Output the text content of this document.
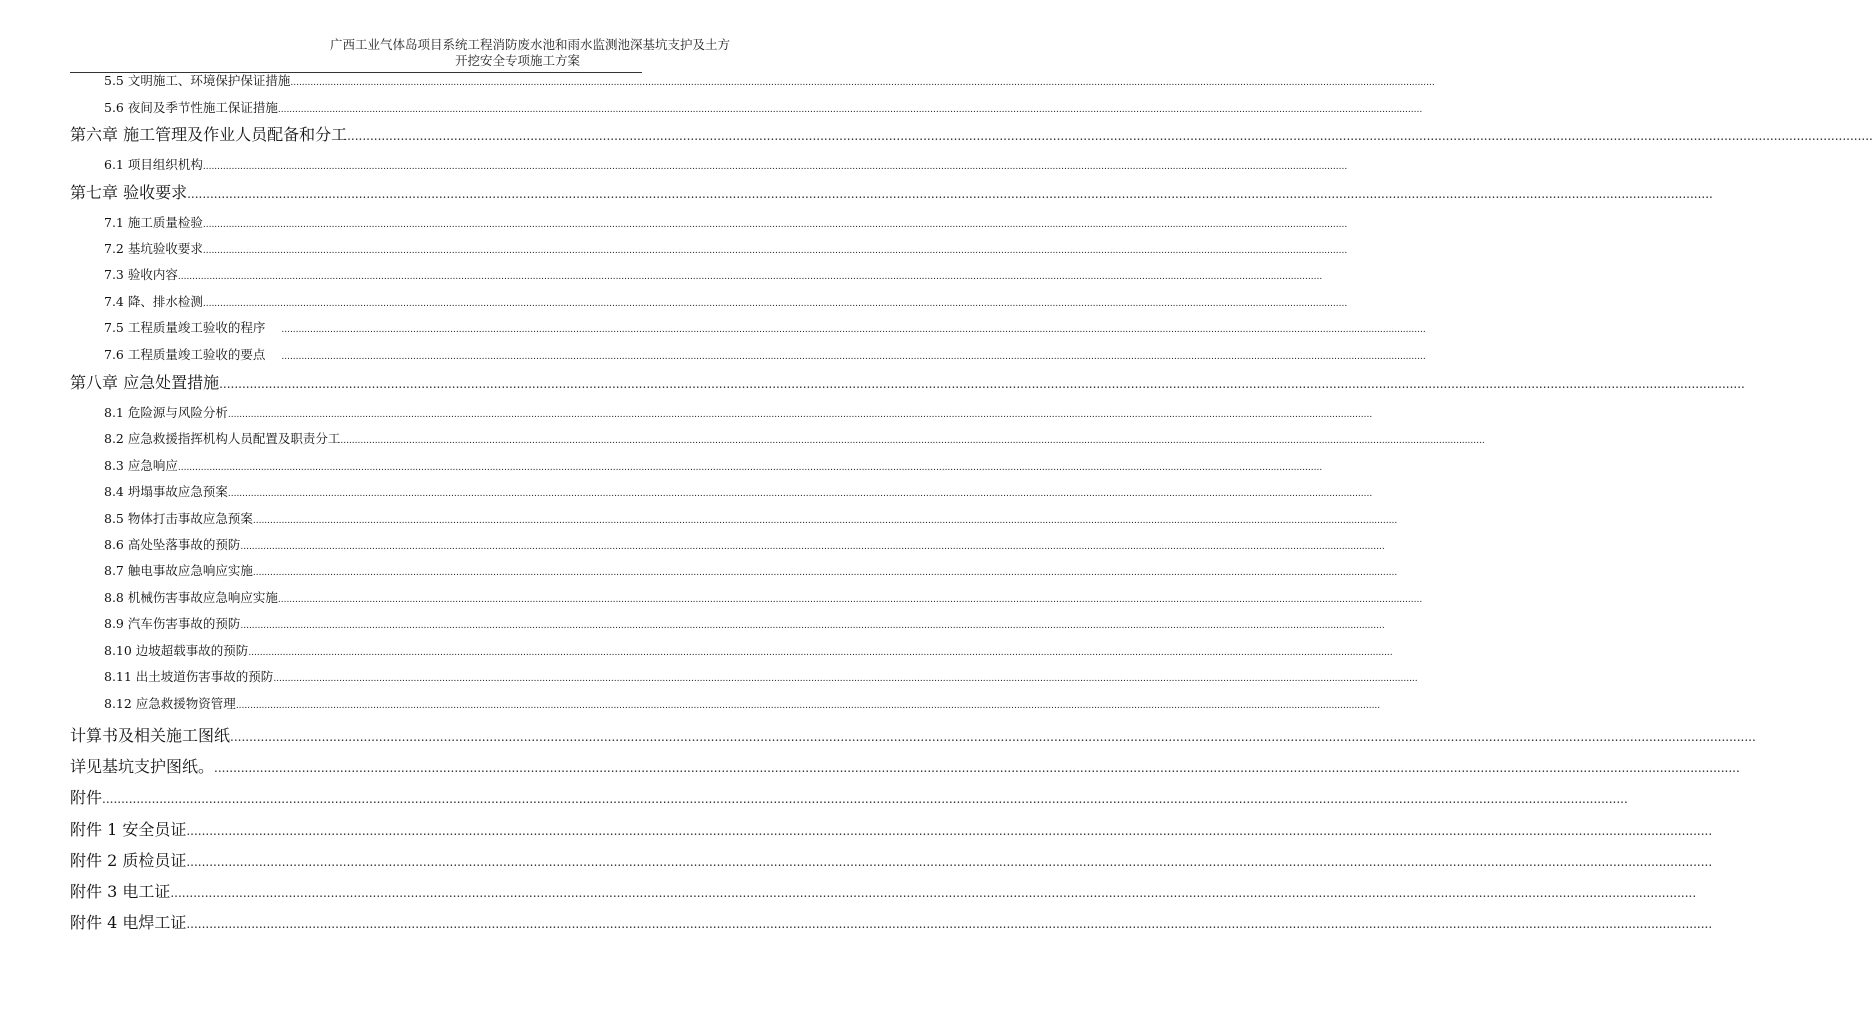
广西工业气体岛项目系统工程消防废水池和雨水监测池深基坑支护及土方
开挖安全专项施工方案
5.5 文明施工、环境保护保证措施 ................................................................................................................................................................................................................................................................................................................................................................................................................
5.6 夜间及季节性施工保证措施 ................................................................................................................................................................................................................................................................................................................................................................................................................
第六章 施工管理及作业人员配备和分工 ................................................................................................................................................................................................................................................................................................................................................................................................................
6.1 项目组织机构 ................................................................................................................................................................................................................................................................................................................................................................................................................
第七章 验收要求 ................................................................................................................................................................................................................................................................................................................................................................................................................
7.1 施工质量检验 ................................................................................................................................................................................................................................................................................................................................................................................................................
7.2 基坑验收要求 ................................................................................................................................................................................................................................................................................................................................................................................................................
7.3 验收内容 ................................................................................................................................................................................................................................................................................................................................................................................................................
7.4 降、排水检测 ................................................................................................................................................................................................................................................................................................................................................................................................................
7.5 工程质量竣工验收的程序 ................................................................................................................................................................................................................................................................................................................................................................................................................
7.6 工程质量竣工验收的要点 ................................................................................................................................................................................................................................................................................................................................................................................................................
第八章 应急处置措施 ................................................................................................................................................................................................................................................................................................................................................................................................................
8.1 危险源与风险分析 ................................................................................................................................................................................................................................................................................................................................................................................................................
8.2 应急救援指挥机构人员配置及职责分工 ................................................................................................................................................................................................................................................................................................................................................................................................................
8.3 应急响应 ................................................................................................................................................................................................................................................................................................................................................................................................................
8.4 坍塌事故应急预案 ................................................................................................................................................................................................................................................................................................................................................................................................................
8.5 物体打击事故应急预案 ................................................................................................................................................................................................................................................................................................................................................................................................................
8.6 高处坠落事故的预防 ................................................................................................................................................................................................................................................................................................................................................................................................................
8.7 触电事故应急响应实施 ................................................................................................................................................................................................................................................................................................................................................................................................................
8.8 机械伤害事故应急响应实施 ................................................................................................................................................................................................................................................................................................................................................................................................................
8.9 汽车伤害事故的预防 ................................................................................................................................................................................................................................................................................................................................................................................................................
8.10 边坡超载事故的预防 ................................................................................................................................................................................................................................................................................................................................................................................................................
8.11 出土坡道伤害事故的预防 ................................................................................................................................................................................................................................................................................................................................................................................................................
8.12 应急救援物资管理 ................................................................................................................................................................................................................................................................................................................................................................................................................
计算书及相关施工图纸 ................................................................................................................................................................................................................................................................................................................................................................................................................
详见基坑支护图纸。 ................................................................................................................................................................................................................................................................................................................................................................................................................
附件 ................................................................................................................................................................................................................................................................................................................................................................................................................
附件 1 安全员证 ................................................................................................................................................................................................................................................................................................................................................................................................................
附件 2 质检员证 ................................................................................................................................................................................................................................................................................................................................................................................................................
附件 3 电工证 ................................................................................................................................................................................................................................................................................................................................................................................................................
附件 4 电焊工证 ................................................................................................................................................................................................................................................................................................................................................................................................................
